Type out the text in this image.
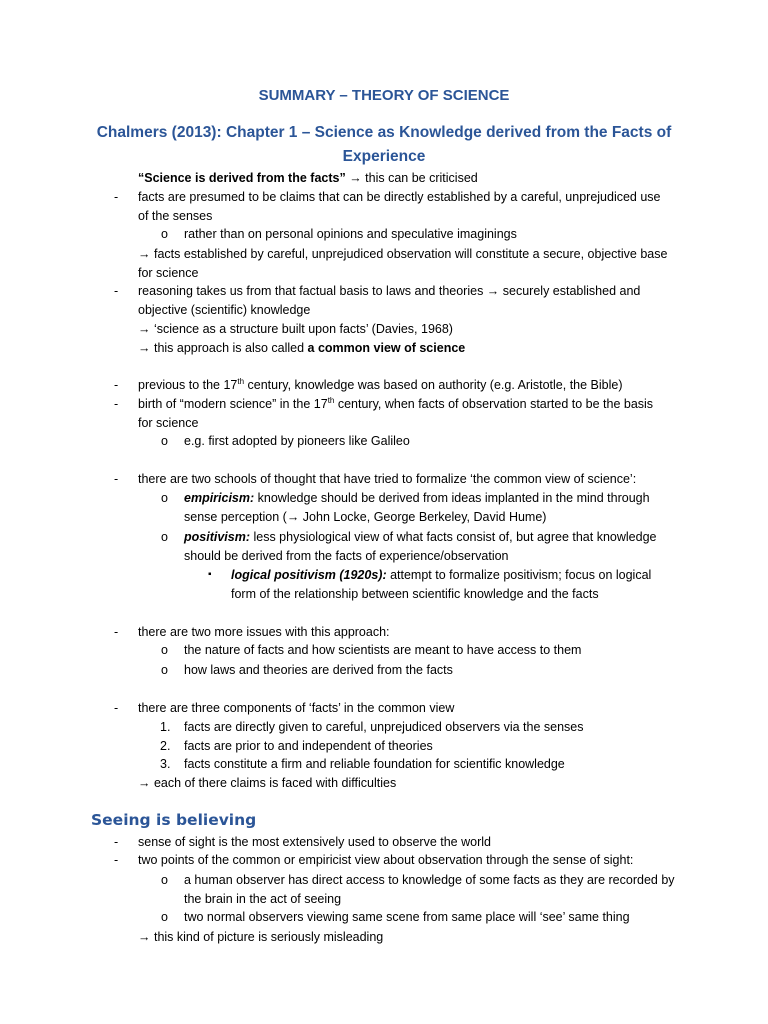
SUMMARY – THEORY OF SCIENCE
Chalmers (2013): Chapter 1 – Science as Knowledge derived from the Facts of Experience
“Science is derived from the facts” → this can be criticised
- facts are presumed to be claims that can be directly established by a careful, unprejudiced use of the senses
o rather than on personal opinions and speculative imaginings
→ facts established by careful, unprejudiced observation will constitute a secure, objective base for science
- reasoning takes us from that factual basis to laws and theories → securely established and objective (scientific) knowledge
→ ‘science as a structure built upon facts’ (Davies, 1968)
→ this approach is also called a common view of science
- previous to the 17th century, knowledge was based on authority (e.g. Aristotle, the Bible)
- birth of “modern science” in the 17th century, when facts of observation started to be the basis for science
o e.g. first adopted by pioneers like Galileo
- there are two schools of thought that have tried to formalize ‘the common view of science’:
o empiricism: knowledge should be derived from ideas implanted in the mind through sense perception (→ John Locke, George Berkeley, David Hume)
o positivism: less physiological view of what facts consist of, but agree that knowledge should be derived from the facts of experience/observation
▪ logical positivism (1920s): attempt to formalize positivism; focus on logical form of the relationship between scientific knowledge and the facts
- there are two more issues with this approach:
o the nature of facts and how scientists are meant to have access to them
o how laws and theories are derived from the facts
- there are three components of ‘facts’ in the common view
1. facts are directly given to careful, unprejudiced observers via the senses
2. facts are prior to and independent of theories
3. facts constitute a firm and reliable foundation for scientific knowledge
→ each of there claims is faced with difficulties
Seeing is believing
- sense of sight is the most extensively used to observe the world
- two points of the common or empiricist view about observation through the sense of sight:
o a human observer has direct access to knowledge of some facts as they are recorded by the brain in the act of seeing
o two normal observers viewing same scene from same place will ‘see’ same thing
→ this kind of picture is seriously misleading
